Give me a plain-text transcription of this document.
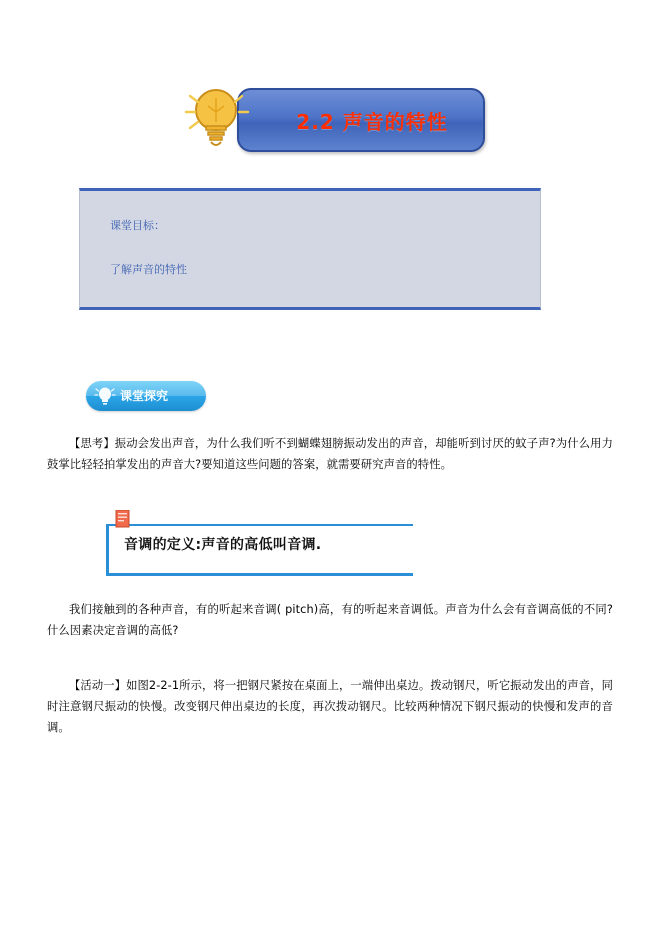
2.2 声音的特性
课堂目标：
了解声音的特性
课堂探究
【思考】振动会发出声音，为什么我们听不到蝴蝶翅膀振动发出的声音，却能听到讨厌的蚊子声?为什么用力鼓掌比轻轻拍掌发出的声音大?要知道这些问题的答案，就需要研究声音的特性。
音调的定义:声音的高低叫音调.
我们接触到的各种声音，有的听起来音调( pitch)高，有的听起来音调低。声音为什么会有音调高低的不同?什么因素决定音调的高低?
【活动一】如图2-2-1所示，将一把钢尺紧按在桌面上，一端伸出桌边。拨动钢尺，听它振动发出的声音，同时注意钢尺振动的快慢。改变钢尺伸出桌边的长度，再次拨动钢尺。比较两种情况下钢尺振动的快慢和发声的音调。
